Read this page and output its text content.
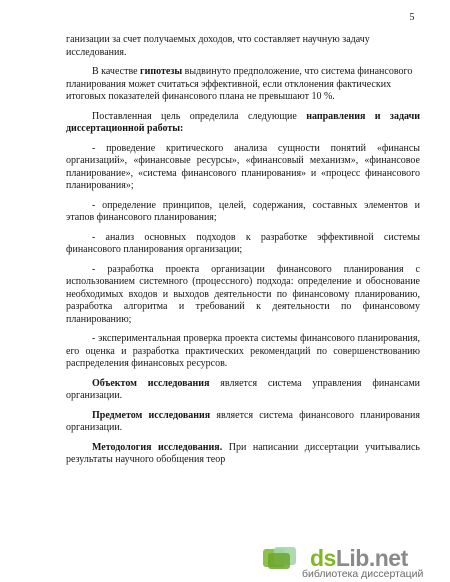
5

ганизации за счет получаемых доходов, что составляет научную задачу исследования.

В качестве гипотезы выдвинуто предположение, что система финансового планирования может считаться эффективной, если отклонения фактических итоговых показателей финансового плана не превышают 10 %.

Поставленная цель определила следующие направления и задачи диссертационной работы:

- проведение критического анализа сущности понятий «финансы организаций», «финансовые ресурсы», «финансовый механизм», «финансовое планирование», «система финансового планирования» и «процесс финансового планирования»;

- определение принципов, целей, содержания, составных элементов и этапов финансового планирования;

- анализ основных подходов к разработке эффективной системы финансового планирования организации;

- разработка проекта организации финансового планирования с использованием системного (процессного) подхода: определение и обоснование необходимых входов и выходов деятельности по финансовому планированию, разработка алгоритма и требований к деятельности по финансовому планированию;

- экспериментальная проверка проекта системы финансового планирования, его оценка и разработка практических рекомендаций по совершенствованию распределения финансовых ресурсов.

Объектом исследования является система управления финансами организации.

Предметом исследования является система финансового планирования организации.

Методология исследования. При написании диссертации учитывались результаты научного обобщения теор

dsLib.net
библиотека диссертаций
